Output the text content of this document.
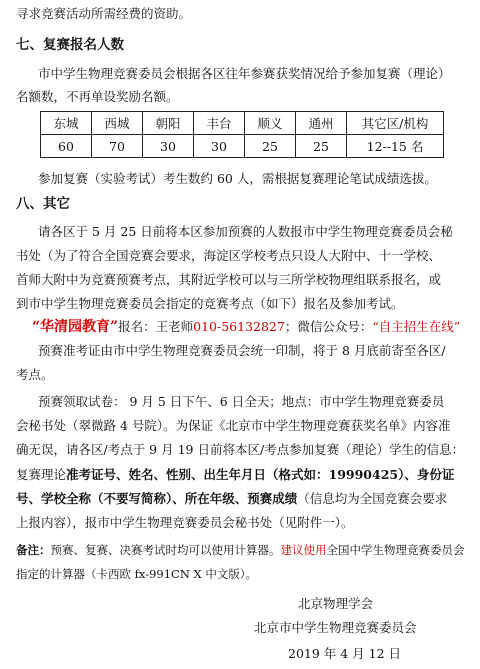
寻求竞赛活动所需经费的资助。
七、复赛报名人数
市中学生物理竞赛委员会根据各区往年参赛获奖情况给予参加复赛（理论）
名额数，不再单设奖励名额。
东城	西城	朝阳	丰台	顺义	通州	其它区/机构
60	70	30	30	25	25	12--15 名
参加复赛（实验考试）考生数约 60 人，需根据复赛理论笔试成绩选拔。
八、其它
请各区于 5 月 25 日前将本区参加预赛的人数报市中学生物理竞赛委员会秘
书处（为了符合全国竞赛会要求，海淀区学校考点只设人大附中、十一学校、
首师大附中为竞赛预赛考点，其附近学校可以与三所学校物理组联系报名，或
到市中学生物理竞赛委员会指定的竞赛考点（如下）报名及参加考试。
“华清园教育”报名：王老师010-56132827；微信公众号：“自主招生在线”
预赛准考证由市中学生物理竞赛委员会统一印制，将于 8 月底前寄至各区/
考点。
预赛领取试卷： 9 月 5 日下午、6 日全天；地点：市中学生物理竞赛委员
会秘书处（翠微路 4 号院）。为保证《北京市中学生物理竞赛获奖名单》内容准
确无误，请各区/考点于 9 月 19 日前将本区/考点参加复赛（理论）学生的信息：
复赛理论准考证号、姓名、性别、出生年月日（格式如：19990425）、身份证
号、学校全称（不要写简称）、所在年级、预赛成绩（信息均为全国竞赛会要求
上报内容），报市中学生物理竞赛委员会秘书处（见附件一）。
备注：预赛、复赛、决赛考试时均可以使用计算器。建议使用全国中学生物理竞赛委员会
指定的计算器（卡西欧 fx-991CN X 中文版）。
北京物理学会
北京市中学生物理竞赛委员会
2019 年 4 月 12 日
